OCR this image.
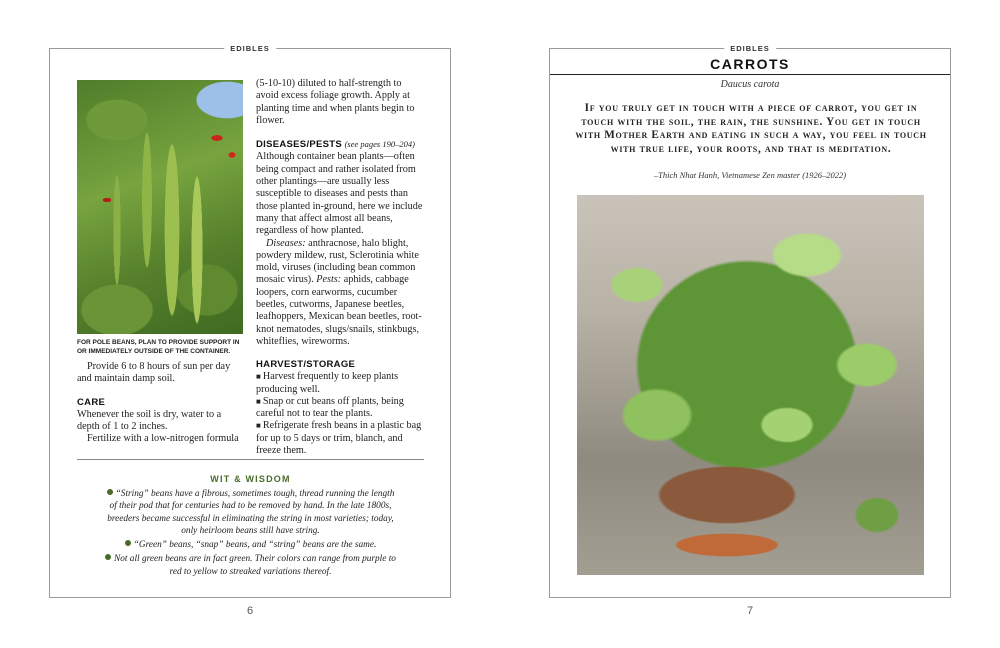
EDIBLES
FOR POLE BEANS, PLAN TO PROVIDE SUPPORT IN OR IMMEDIATELY OUTSIDE OF THE CONTAINER.

Provide 6 to 8 hours of sun per day and maintain damp soil.

CARE

Whenever the soil is dry, water to a depth of 1 to 2 inches.

Fertilize with a low-nitrogen formula

(5-10-10) diluted to half-strength to avoid excess foliage growth. Apply at planting time and when plants begin to flower.

DISEASES/PESTS (see pages 190–204)

Although container bean plants—often being compact and rather isolated from other plantings—are usually less susceptible to diseases and pests than those planted in-ground, here we include many that affect almost all beans, regardless of how planted.

Diseases: anthracnose, halo blight, powdery mildew, rust, Sclerotinia white mold, viruses (including bean common mosaic virus). Pests: aphids, cabbage loopers, corn earworms, cucumber beetles, cutworms, Japanese beetles, leafhoppers, Mexican bean beetles, root-knot nematodes, slugs/snails, stinkbugs, whiteflies, wireworms.

HARVEST/STORAGE

■ Harvest frequently to keep plants producing well.

■ Snap or cut beans off plants, being careful not to tear the plants.

■ Refrigerate fresh beans in a plastic bag for up to 5 days or trim, blanch, and freeze them.

WIT & WISDOM

“String” beans have a fibrous, sometimes tough, thread running the length of their pod that for centuries had to be removed by hand. In the late 1800s, breeders became successful in eliminating the string in most varieties; today, only heirloom beans still have string.

“Green” beans, “snap” beans, and “string” beans are the same.

Not all green beans are in fact green. Their colors can range from purple to red to yellow to streaked variations thereof.

6
CARROTS
EDIBLES
Daucus carota
If you truly get in touch with a piece of carrot, you get in touch with the soil, the rain, the sunshine. You get in touch with Mother Earth and eating in such a way, you feel in touch with true life, your roots, and that is meditation.
–Thich Nhat Hanh, Vietnamese Zen master (1926–2022)
7
